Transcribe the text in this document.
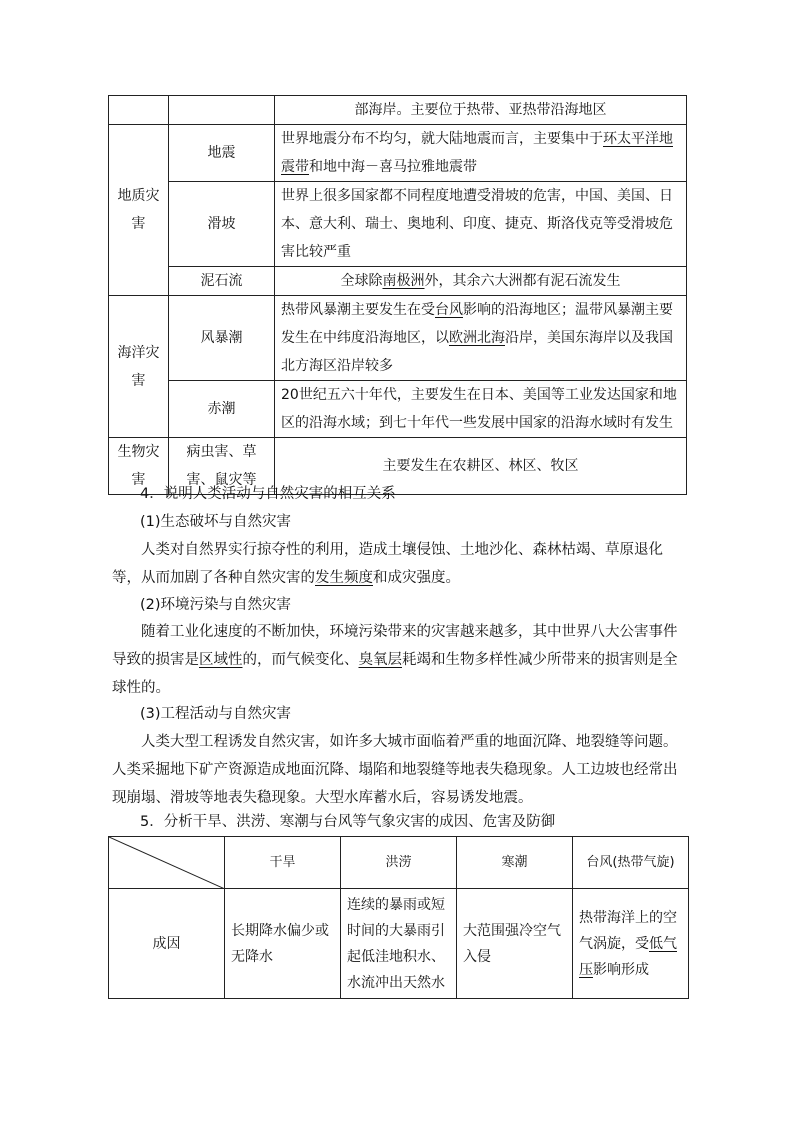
		部海岸。主要位于热带、亚热带沿海地区
地质灾害	地震	世界地震分布不均匀，就大陆地震而言，主要集中于环太平洋地震带和地中海－喜马拉雅地震带
	滑坡	世界上很多国家都不同程度地遭受滑坡的危害，中国、美国、日本、意大利、瑞士、奥地利、印度、捷克、斯洛伐克等受滑坡危害比较严重
	泥石流	全球除南极洲外，其余六大洲都有泥石流发生
海洋灾害	风暴潮	热带风暴潮主要发生在受台风影响的沿海地区；温带风暴潮主要发生在中纬度沿海地区，以欧洲北海沿岸，美国东海岸以及我国北方海区沿岸较多
	赤潮	20世纪五六十年代，主要发生在日本、美国等工业发达国家和地区的沿海水域；到七十年代一些发展中国家的沿海水域时有发生
生物灾害	病虫害、草害、鼠灾等	主要发生在农耕区、林区、牧区

4．说明人类活动与自然灾害的相互关系

(1)生态破坏与自然灾害

人类对自然界实行掠夺性的利用，造成土壤侵蚀、土地沙化、森林枯竭、草原退化等，从而加剧了各种自然灾害的发生频度和成灾强度。

(2)环境污染与自然灾害

随着工业化速度的不断加快，环境污染带来的灾害越来越多，其中世界八大公害事件导致的损害是区域性的，而气候变化、臭氧层耗竭和生物多样性减少所带来的损害则是全球性的。

(3)工程活动与自然灾害

人类大型工程诱发自然灾害，如许多大城市面临着严重的地面沉降、地裂缝等问题。人类采掘地下矿产资源造成地面沉降、塌陷和地裂缝等地表失稳现象。人工边坡也经常出现崩塌、滑坡等地表失稳现象。大型水库蓄水后，容易诱发地震。

5．分析干旱、洪涝、寒潮与台风等气象灾害的成因、危害及防御

	干旱	洪涝	寒潮	台风(热带气旋)
成因	长期降水偏少或无降水	连续的暴雨或短时间的大暴雨引起低洼地积水、水流冲出天然水	大范围强冷空气入侵	热带海洋上的空气涡旋，受低气压影响形成
